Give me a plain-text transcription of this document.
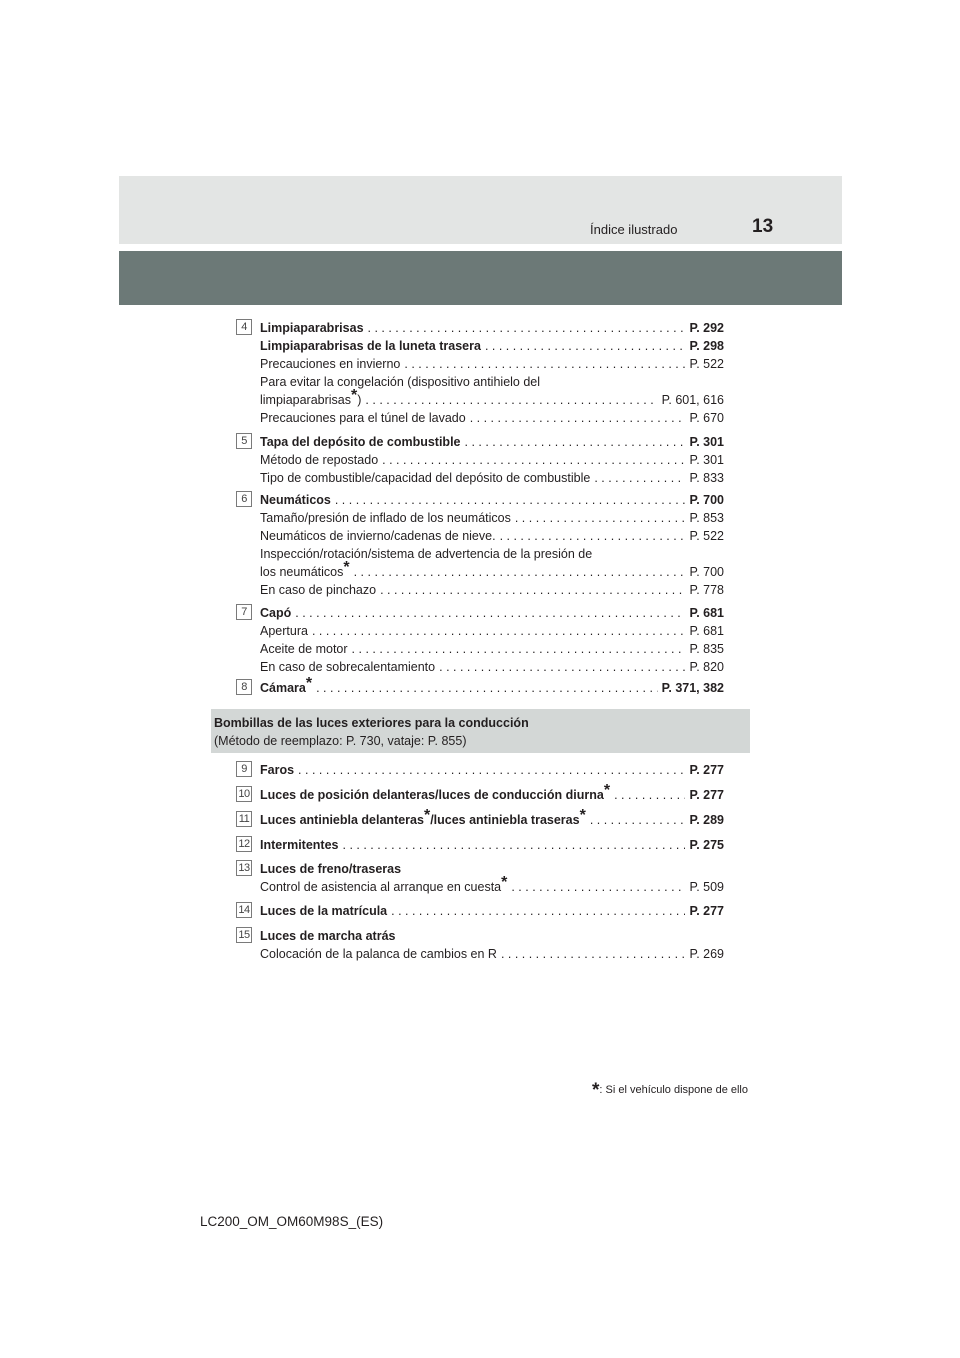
Índice ilustrado	13
4	Limpiaparabrisas . . .	P. 292
Limpiaparabrisas de la luneta trasera . . .	P. 298
Precauciones en invierno . . .	P. 522
Para evitar la congelación (dispositivo antihielo del
limpiaparabrisas*) . . .	P. 601, 616
Precauciones para el túnel de lavado . . .	P. 670
5	Tapa del depósito de combustible . . .	P. 301
Método de repostado . . .	P. 301
Tipo de combustible/capacidad del depósito de combustible . . .	P. 833
6	Neumáticos . . .	P. 700
Tamaño/presión de inflado de los neumáticos . . .	P. 853
Neumáticos de invierno/cadenas de nieve. . . .	P. 522
Inspección/rotación/sistema de advertencia de la presión de
los neumáticos* . . .	P. 700
En caso de pinchazo . . .	P. 778
7	Capó . . .	P. 681
Apertura . . .	P. 681
Aceite de motor . . .	P. 835
En caso de sobrecalentamiento . . .	P. 820
8	Cámara* . . .	P. 371, 382
9	Faros . . .	P. 277
10 Luces de posición delanteras/luces de conducción diurna* . . .	P. 277
11 Luces antiniebla delanteras*/luces antiniebla traseras* . . .	P. 289
12 Intermitentes . . .	P. 275
13 Luces de freno/traseras
Control de asistencia al arranque en cuesta* . . .	P. 509
14 Luces de la matrícula . . .	P. 277
15 Luces de marcha atrás
Colocación de la palanca de cambios en R . . .	P. 269
Bombillas de las luces exteriores para la conducción
(Método de reemplazo: P. 730, vataje: P. 855)
*: Si el vehículo dispone de ello
LC200_OM_OM60M98S_(ES)
